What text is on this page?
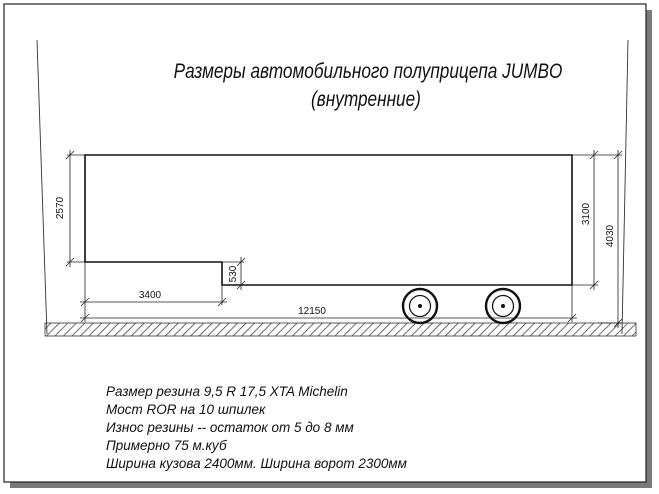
Размеры автомобильного полуприцепа JUMBO
(внутренние)
2570
3400
530
12150
3100
4030
Размер резина 9,5 R 17,5 XTA Michelin
Мост ROR на 10 шпилек
Износ резины -- остаток от 5 до 8 мм
Примерно 75 м.куб
Ширина кузова 2400мм. Ширина ворот 2300мм
